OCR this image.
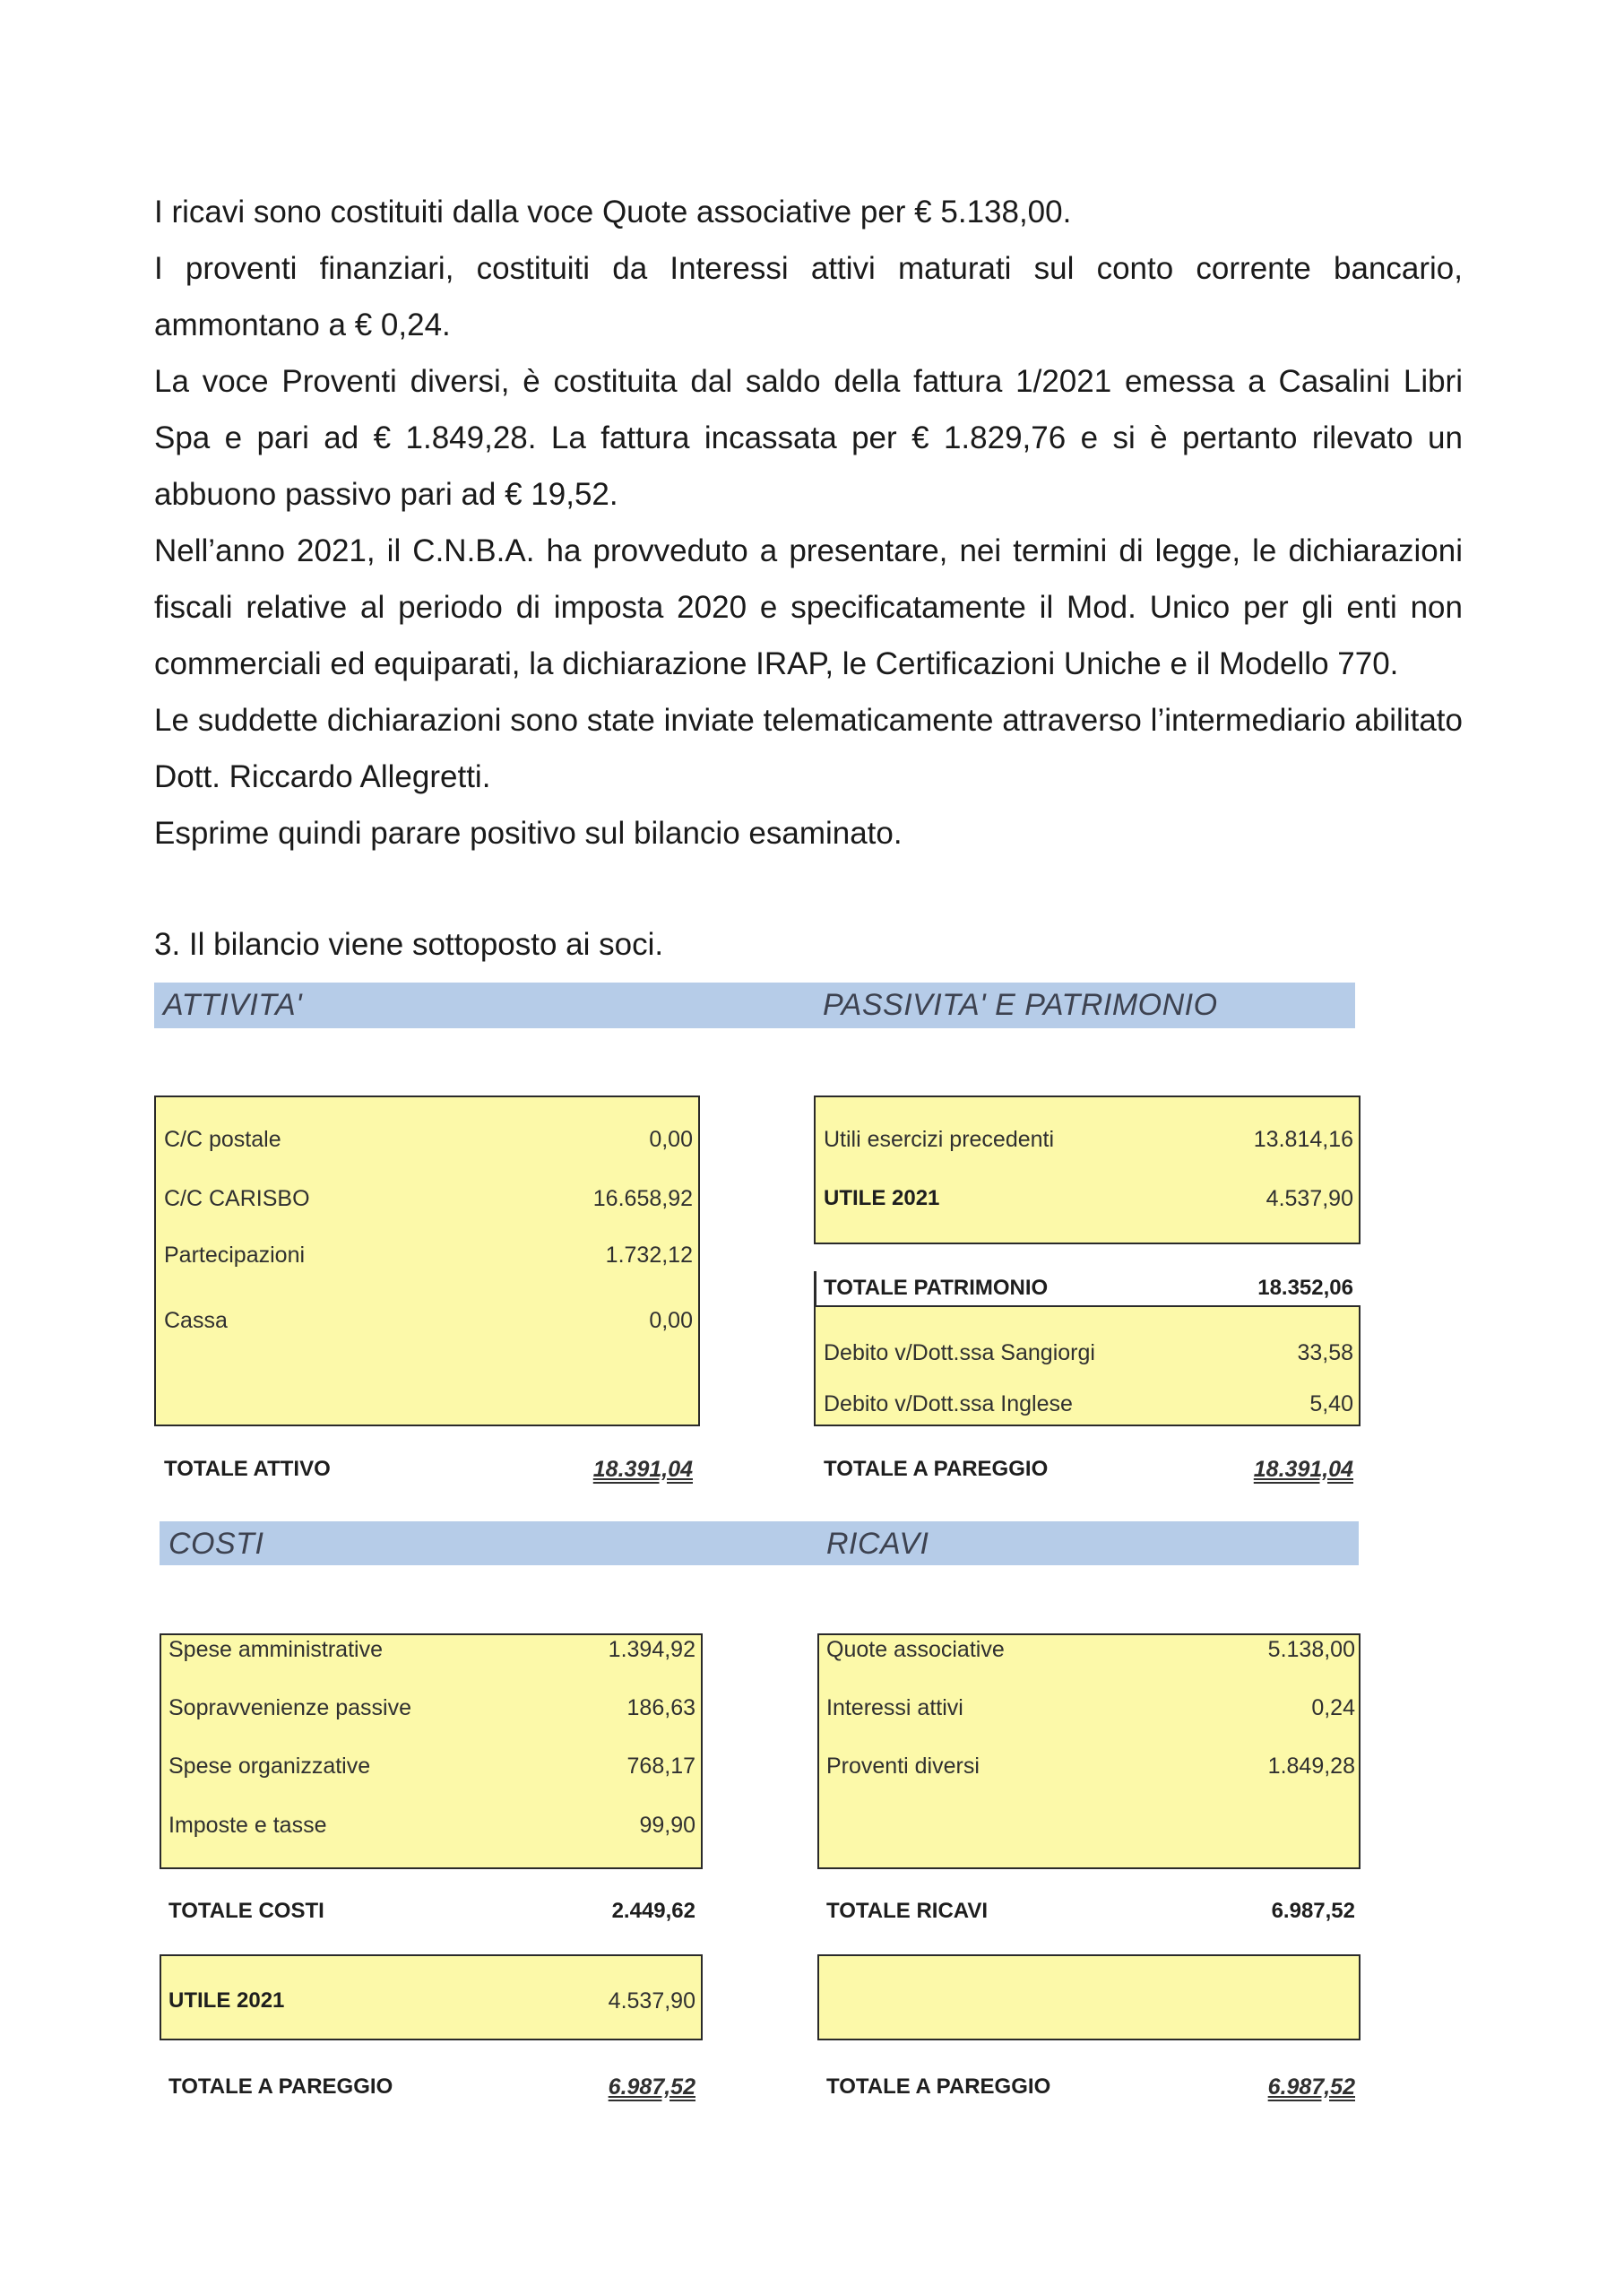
I ricavi sono costituiti dalla voce Quote associative per € 5.138,00.

I proventi finanziari, costituiti da Interessi attivi maturati sul conto corrente bancario, ammontano a € 0,24.

La voce Proventi diversi, è costituita dal saldo della fattura 1/2021 emessa a Casalini Libri Spa e pari ad € 1.849,28. La fattura incassata per € 1.829,76 e si è pertanto rilevato un abbuono passivo pari ad € 19,52.

Nell’anno 2021, il C.N.B.A. ha provveduto a presentare, nei termini di legge, le dichiarazioni fiscali relative al periodo di imposta 2020 e specificatamente il Mod. Unico per gli enti non commerciali ed equiparati, la dichiarazione IRAP, le Certificazioni Uniche e il Modello 770.

Le suddette dichiarazioni sono state inviate telematicamente attraverso l’intermediario abilitato Dott. Riccardo Allegretti.

Esprime quindi parare positivo sul bilancio esaminato.

3. Il bilancio viene sottoposto ai soci.
ATTIVITA'	PASSIVITA' E PATRIMONIO
C/C postale	0,00
C/C CARISBO	16.658,92
Partecipazioni	1.732,12
Cassa	0,00
TOTALE ATTIVO	18.391,04
Utili esercizi precedenti	13.814,16
UTILE 2021	4.537,90
TOTALE PATRIMONIO	18.352,06
Debito v/Dott.ssa Sangiorgi	33,58
Debito v/Dott.ssa Inglese	5,40
TOTALE A PAREGGIO	18.391,04
COSTI	RICAVI
Spese amministrative	1.394,92
Sopravvenienze passive	186,63
Spese organizzative	768,17
Imposte e tasse	99,90
TOTALE COSTI	2.449,62
UTILE 2021	4.537,90
TOTALE A PAREGGIO	6.987,52
Quote associative	5.138,00
Interessi attivi	0,24
Proventi diversi	1.849,28
TOTALE RICAVI	6.987,52
TOTALE A PAREGGIO	6.987,52
